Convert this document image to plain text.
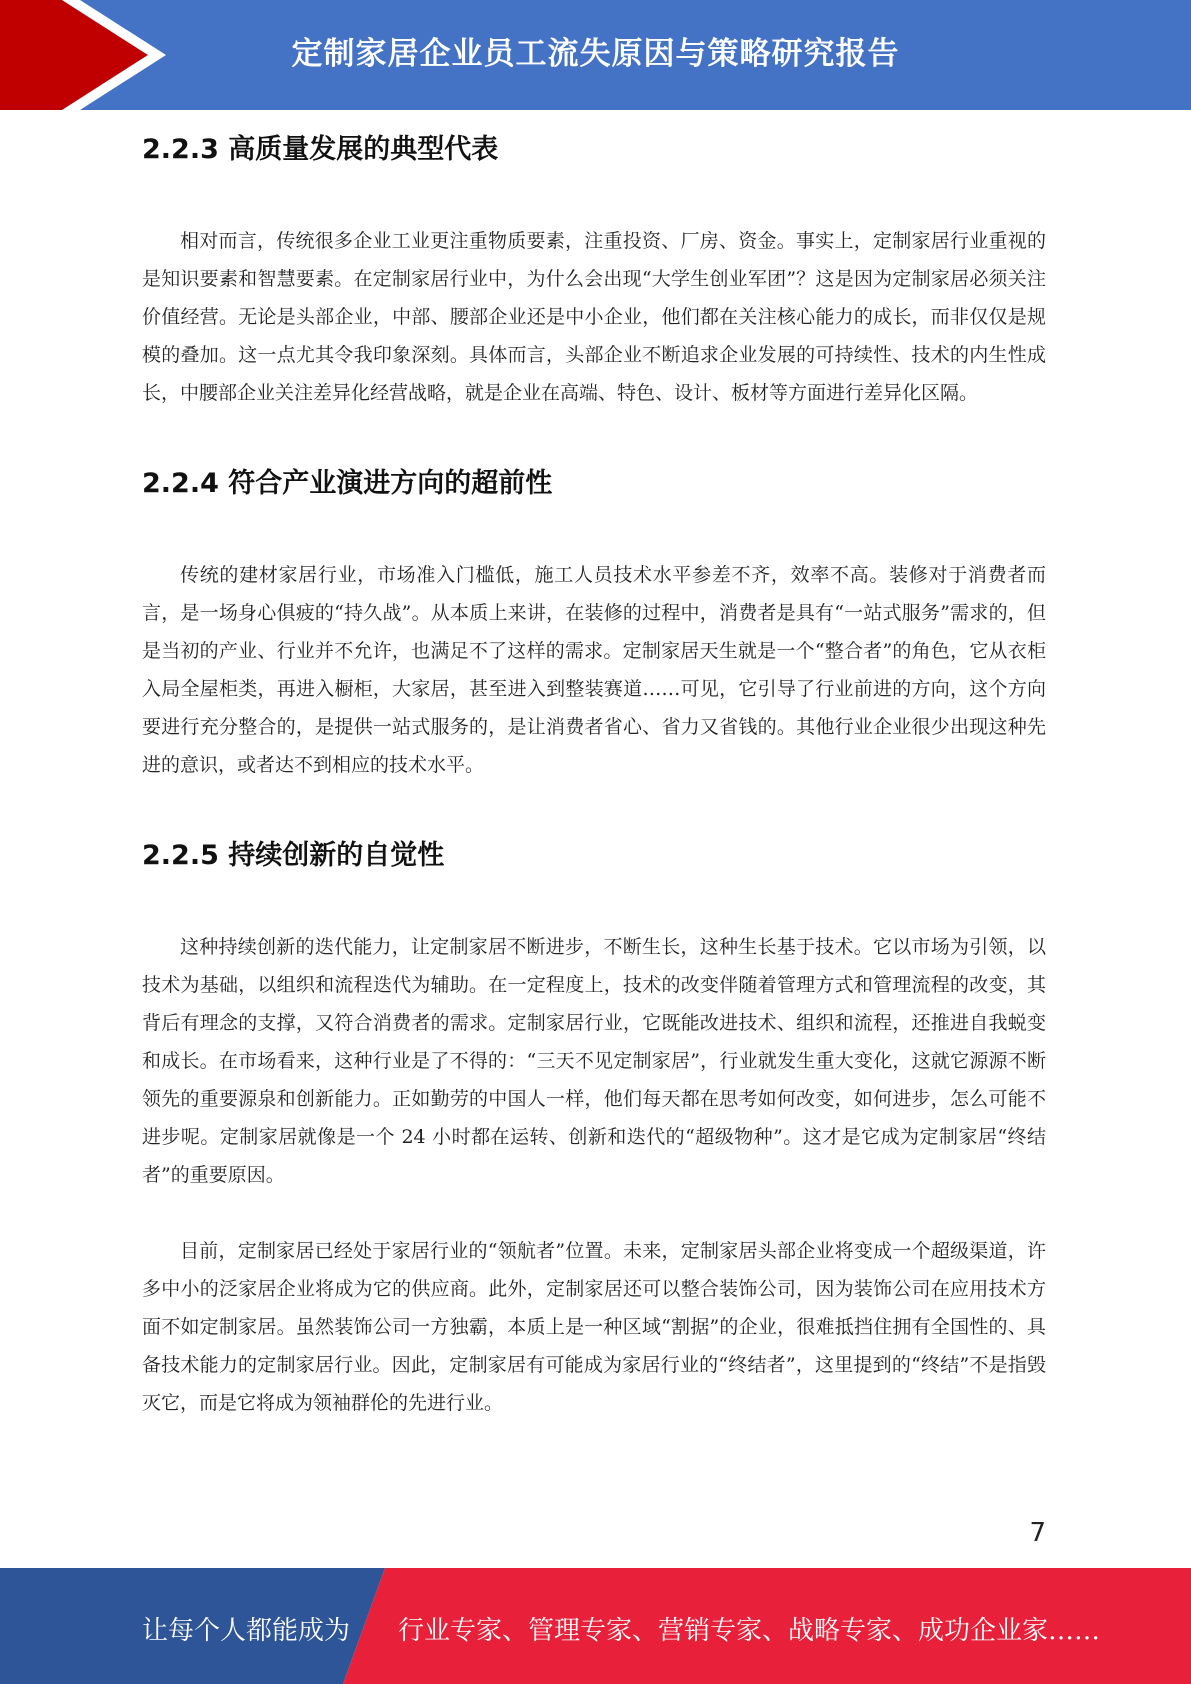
定制家居企业员工流失原因与策略研究报告
2.2.3 高质量发展的典型代表

相对而言，传统很多企业工业更注重物质要素，注重投资、厂房、资金。事实上，定制家居行业重视的是知识要素和智慧要素。在定制家居行业中，为什么会出现“大学生创业军团”？这是因为定制家居必须关注价值经营。无论是头部企业，中部、腰部企业还是中小企业，他们都在关注核心能力的成长，而非仅仅是规模的叠加。这一点尤其令我印象深刻。具体而言，头部企业不断追求企业发展的可持续性、技术的内生性成长，中腰部企业关注差异化经营战略，就是企业在高端、特色、设计、板材等方面进行差异化区隔。

2.2.4 符合产业演进方向的超前性

传统的建材家居行业，市场准入门槛低，施工人员技术水平参差不齐，效率不高。装修对于消费者而言，是一场身心俱疲的“持久战”。从本质上来讲，在装修的过程中，消费者是具有“一站式服务”需求的，但是当初的产业、行业并不允许，也满足不了这样的需求。定制家居天生就是一个“整合者”的角色，它从衣柜入局全屋柜类，再进入橱柜，大家居，甚至进入到整装赛道……可见，它引导了行业前进的方向，这个方向要进行充分整合的，是提供一站式服务的，是让消费者省心、省力又省钱的。其他行业企业很少出现这种先进的意识，或者达不到相应的技术水平。

2.2.5 持续创新的自觉性

这种持续创新的迭代能力，让定制家居不断进步，不断生长，这种生长基于技术。它以市场为引领，以技术为基础，以组织和流程迭代为辅助。在一定程度上，技术的改变伴随着管理方式和管理流程的改变，其背后有理念的支撑，又符合消费者的需求。定制家居行业，它既能改进技术、组织和流程，还推进自我蜕变和成长。在市场看来，这种行业是了不得的：“三天不见定制家居”，行业就发生重大变化，这就它源源不断领先的重要源泉和创新能力。正如勤劳的中国人一样，他们每天都在思考如何改变，如何进步，怎么可能不进步呢。定制家居就像是一个 24 小时都在运转、创新和迭代的“超级物种”。这才是它成为定制家居“终结者”的重要原因。

目前，定制家居已经处于家居行业的“领航者”位置。未来，定制家居头部企业将变成一个超级渠道，许多中小的泛家居企业将成为它的供应商。此外，定制家居还可以整合装饰公司，因为装饰公司在应用技术方面不如定制家居。虽然装饰公司一方独霸，本质上是一种区域“割据”的企业，很难抵挡住拥有全国性的、具备技术能力的定制家居行业。因此，定制家居有可能成为家居行业的“终结者”，这里提到的“终结”不是指毁灭它，而是它将成为领袖群伦的先进行业。

7
让每个人都能成为 行业专家、管理专家、营销专家、战略专家、成功企业家……
